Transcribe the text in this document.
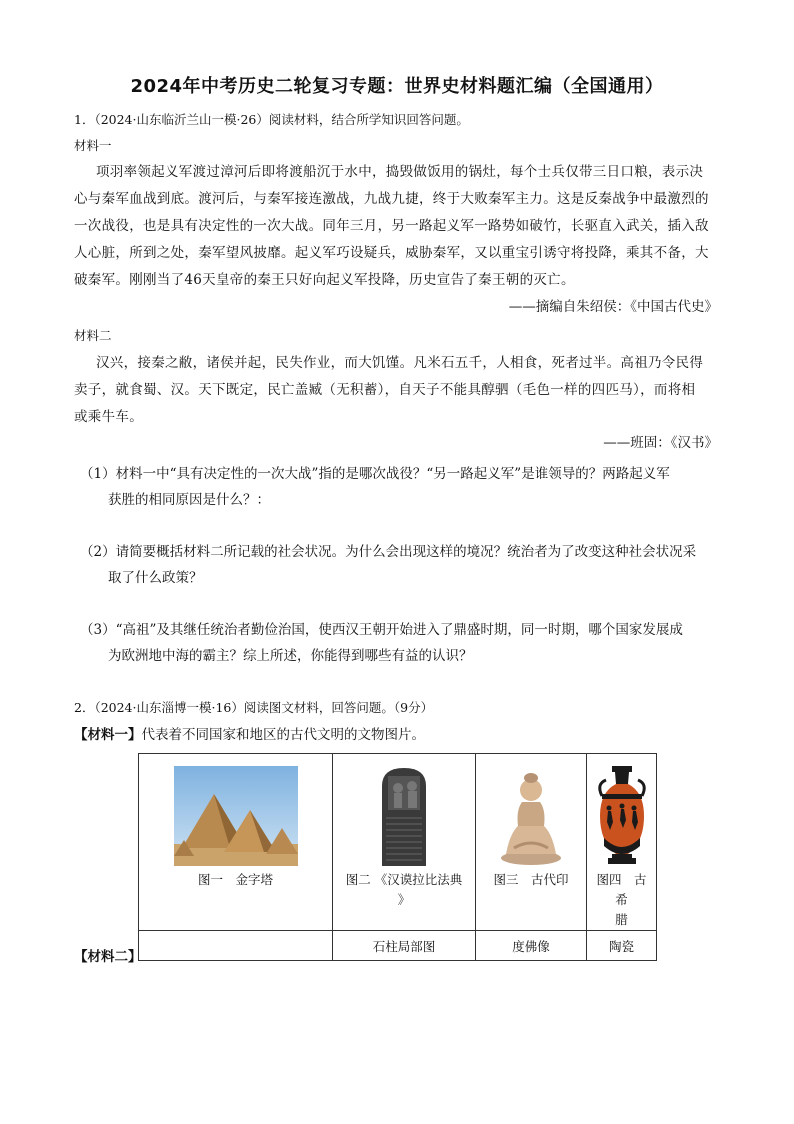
2024年中考历史二轮复习专题：世界史材料题汇编（全国通用）
1．（2024·山东临沂兰山一模·26）阅读材料，结合所学知识回答问题。
材料一
项羽率领起义军渡过漳河后即将渡船沉于水中，捣毁做饭用的锅灶，每个士兵仅带三日口粮，表示决
心与秦军血战到底。渡河后，与秦军接连激战，九战九捷，终于大败秦军主力。这是反秦战争中最激烈的
一次战役，也是具有决定性的一次大战。同年三月，另一路起义军一路势如破竹，长驱直入武关，插入敌
人心脏，所到之处，秦军望风披靡。起义军巧设疑兵，威胁秦军，又以重宝引诱守将投降，乘其不备，大
破秦军。刚刚当了46天皇帝的秦王只好向起义军投降，历史宣告了秦王朝的灭亡。
——摘编自朱绍侯：《中国古代史》
材料二
汉兴，接秦之敝，诸侯并起，民失作业，而大饥馑。凡米石五千，人相食，死者过半。高祖乃令民得
卖子，就食蜀、汉。天下既定，民亡盖臧（无积蓄），自天子不能具醇驷（毛色一样的四匹马），而将相
或乘牛车。
——班固：《汉书》
（1）材料一中“具有决定性的一次大战”指的是哪次战役？“另一路起义军”是谁领导的？两路起义军
获胜的相同原因是什么？：
（2）请简要概括材料二所记载的社会状况。为什么会出现这样的境况？统治者为了改变这种社会状况采
取了什么政策？
（3）“高祖”及其继任统治者勤俭治国，使西汉王朝开始进入了鼎盛时期，同一时期，哪个国家发展成
为欧洲地中海的霸主？综上所述，你能得到哪些有益的认识？
2．（2024·山东淄博一模·16）阅读图文材料，回答问题。（9分）
【材料一】代表着不同国家和地区的古代文明的文物图片。
图一　金字塔	图二 《汉谟拉比法典
》	图三　古代印	图四　古希
腊

	石柱局部图	度佛像	陶瓷
【材料二】
